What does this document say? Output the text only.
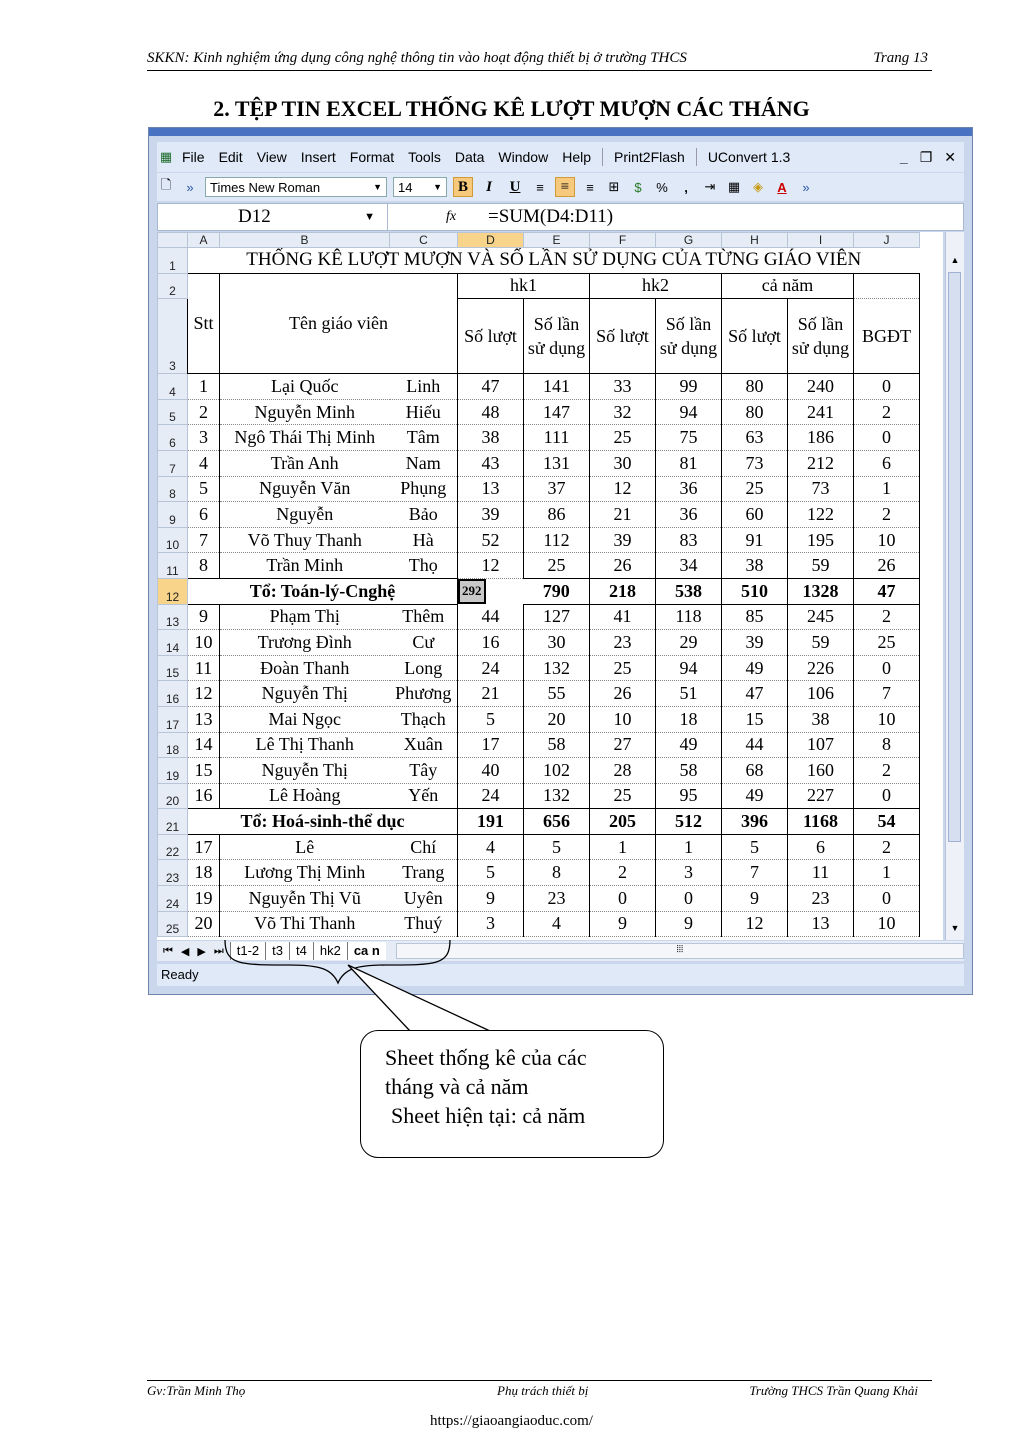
SKKN: Kinh nghiệm ứng dụng công nghệ thông tin vào hoạt động thiết bị ở trường THCS	Trang 13
2. TỆP TIN EXCEL THỐNG KÊ LƯỢT MƯỢN CÁC THÁNG
▦ File	Edit	View	Insert	Format	Tools	Data	Window	Help	Print2Flash	UConvert 1.3	_ ❐ ✕
🗋	»	Times New Roman	▼ 14 ▼	B	I	U	≡	≡	≡	⊞	$	%	,	⇥ ▦ ◈	A	»
D12	▼	fx =SUM(D4:D11)
	A	B	C	D	E	F	G	H	I	J
1	THỐNG KÊ LƯỢT MƯỢN VÀ SỐ LẦN SỬ DỤNG CỦA TỪNG GIÁO VIÊN									
2	Stt	Tên giáo viên		hk1		hk2		cả năm		
3				Số lượt	Số lần sử dụng	Số lượt	Số lần sử dụng	Số lượt	Số lần sử dụng	BGĐT
4	1	Lại Quốc	Linh	47	141	33	99	80	240	0
5	2	Nguyễn Minh	Hiếu	48	147	32	94	80	241	2
6	3	Ngô Thái Thị Minh	Tâm	38	111	25	75	63	186	0
7	4	Trần Anh	Nam	43	131	30	81	73	212	6
8	5	Nguyễn Văn	Phụng	13	37	12	36	25	73	1
9	6	Nguyễn	Bảo	39	86	21	36	60	122	2
10	7	Võ Thuy Thanh	Hà	52	112	39	83	91	195	10
11	8	Trần Minh	Thọ	12	25	26	34	38	59	26
12	Tổ: Toán-lý-Cnghệ		292	790	218	538	510	1328	47
13	9	Phạm Thị	Thêm	44	127	41	118	85	245	2
14	10	Trương Đình	Cư	16	30	23	29	39	59	25
15	11	Đoàn Thanh	Long	24	132	25	94	49	226	0
16	12	Nguyễn Thị	Phương	21	55	26	51	47	106	7
17	13	Mai Ngọc	Thạch	5	20	10	18	15	38	10
18	14	Lê Thị Thanh	Xuân	17	58	27	49	44	107	8
19	15	Nguyễn Thị	Tây	40	102	28	58	68	160	2
20	16	Lê Hoàng	Yến	24	132	25	95	49	227	0
21	Tổ: Hoá-sinh-thể dục			191	656	205	512	396	1168	54
22	17	Lê	Chí	4	5	1	1	5	6	2
23	18	Lương Thị Minh	Trang	5	8	2	3	7	11	1
24	19	Nguyễn Thị Vũ	Uyên	9	23	0	0	9	23	0
25	20	Võ Thi Thanh	Thuý	3	4	9	9	12	13	10
▲
▼
⏮ ◀ ▶ ⏭	t1-2	t3	t4	hk2	ca n	⦙⦙⦙
Ready
Sheet thống kê của các
tháng và cả năm
Sheet hiện tại: cả năm
Gv:Trần Minh Thọ	Phụ trách thiết bị	Trường THCS Trần Quang Khải
https://giaoangiaoduc.com/
